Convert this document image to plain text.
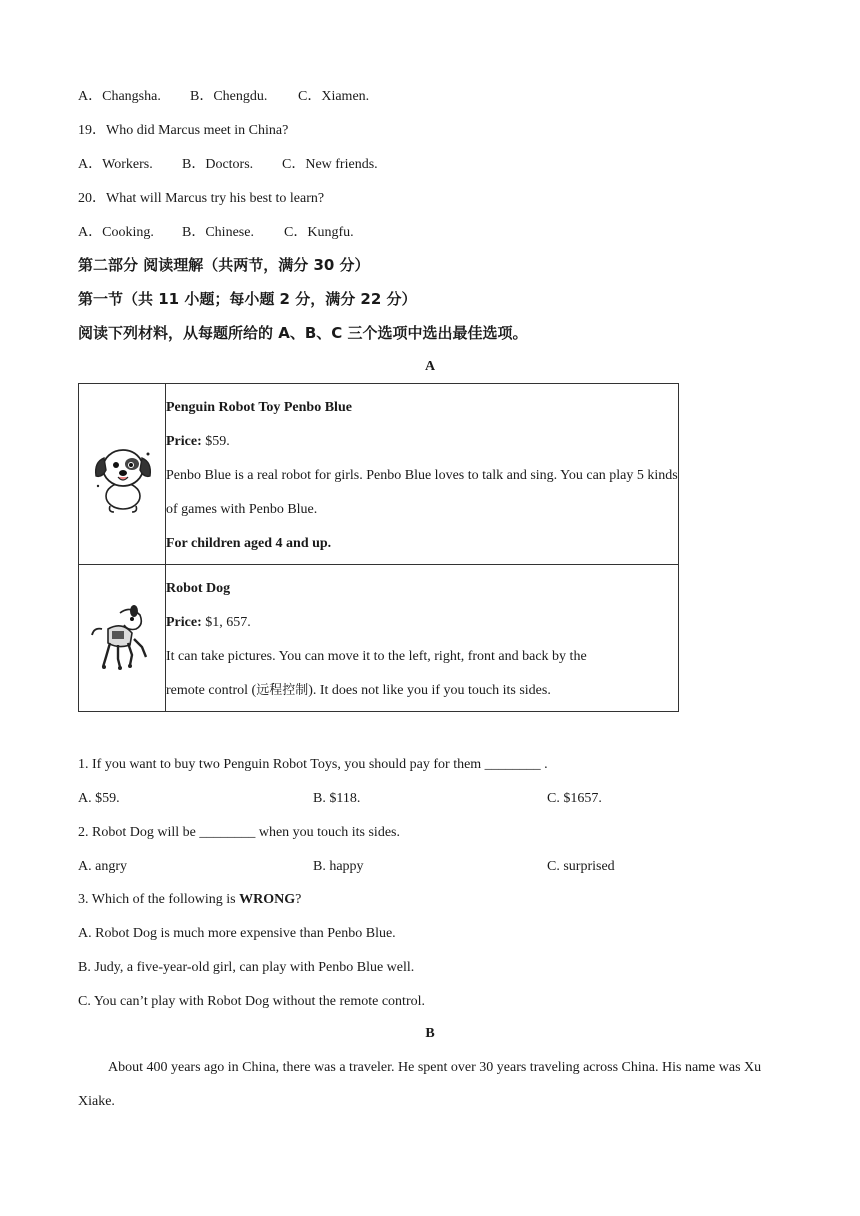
A．Changsha. B．Chengdu. C．Xiamen.
19．Who did Marcus meet in China?
A．Workers. B．Doctors. C．New friends.
20．What will Marcus try his best to learn?
A．Cooking. B．Chinese. C．Kungfu.
第二部分 阅读理解（共两节，满分 30 分）
第一节（共 11 小题；每小题 2 分，满分 22 分）
阅读下列材料，从每题所给的 A、B、C 三个选项中选出最佳选项。
A

Penguin Robot Toy Penbo Blue

Price: $59.

Penbo Blue is a real robot for girls. Penbo Blue loves to talk and sing. You can play 5 kinds of games with Penbo Blue.

For children aged 4 and up.

Robot Dog

Price: $1, 657.

It can take pictures. You can move it to the left, right, front and back by the

remote control (远程控制). It does not like you if you touch its sides.

1. If you want to buy two Penguin Robot Toys, you should pay for them ________ .
A. $59.	B. $118.	C. $1657.
2. Robot Dog will be ________ when you touch its sides.
A. angry	B. happy	C. surprised
3. Which of the following is WRONG?
A. Robot Dog is much more expensive than Penbo Blue.
B. Judy, a five-year-old girl, can play with Penbo Blue well.
C. You can’t play with Robot Dog without the remote control.
B
About 400 years ago in China, there was a traveler. He spent over 30 years traveling across China. His name was Xu Xiake.
